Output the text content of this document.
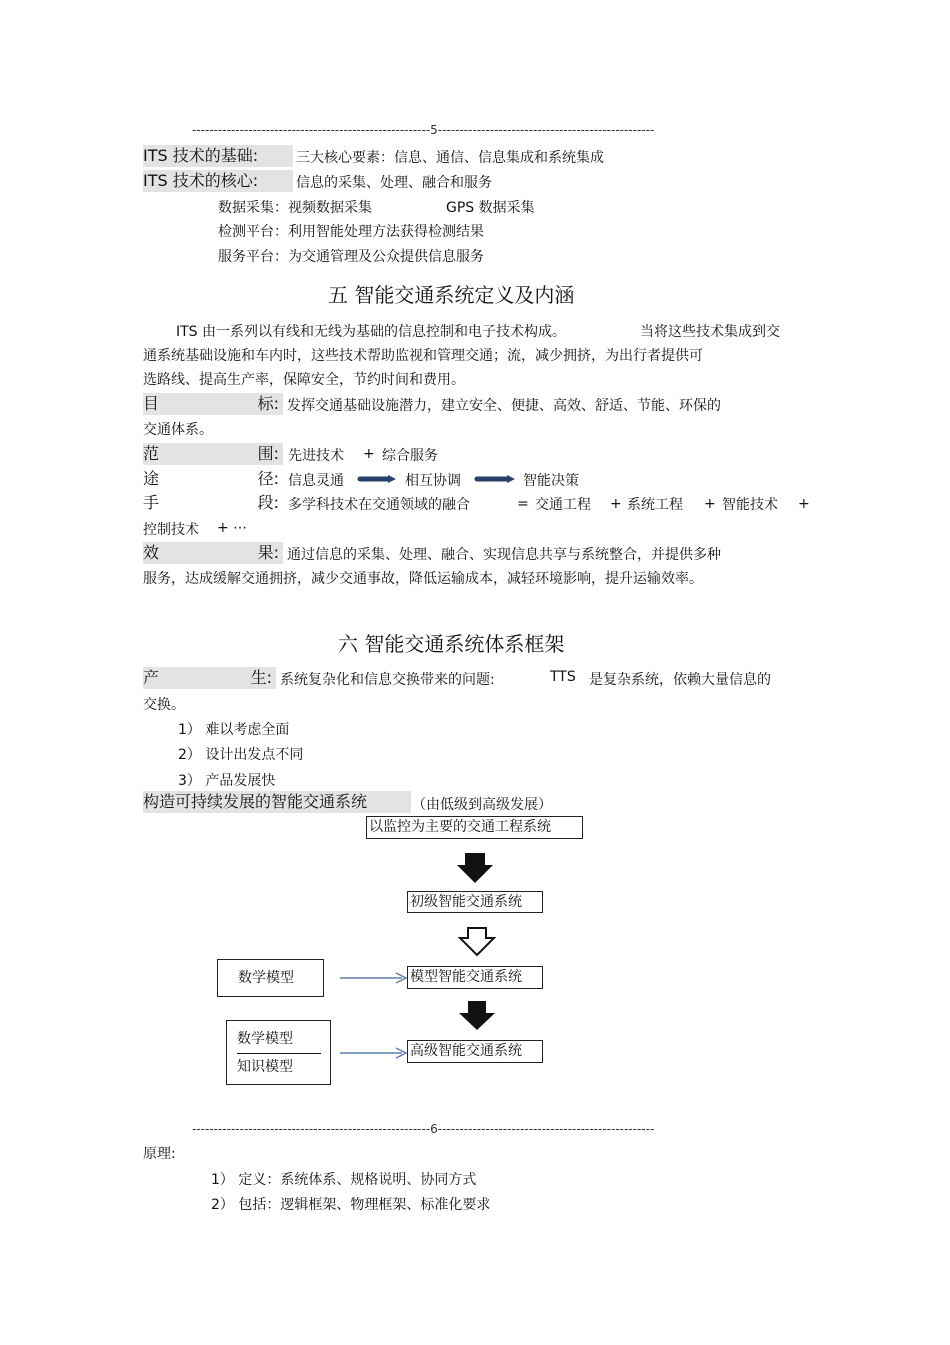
-------------------------------------------------------5--------------------------------------------------
ITS 技术的基础:	三大核心要素：信息、通信、信息集成和系统集成
ITS 技术的核心:	信息的采集、处理、融合和服务
数据采集：视频数据采集	GPS 数据采集
检测平台：利用智能处理方法获得检测结果
服务平台：为交通管理及公众提供信息服务
五 智能交通系统定义及内涵
ITS 由一系列以有线和无线为基础的信息控制和电子技术构成。	当将这些技术集成到交
通系统基础设施和车内时，这些技术帮助监视和管理交通；流，减少拥挤，为出行者提供可
选路线、提高生产率，保障安全，节约时间和费用。
目	标: 发挥交通基础设施潜力，建立安全、便捷、高效、舒适、节能、环保的
交通体系。
范	围: 先进技术 + 综合服务
途	径: 信息灵通	相互协调	智能决策
手	段: 多学科技术在交通领域的融合	= 交通工程 + 系统工程 + 智能技术 +
控制技术 + ⋯
效	果: 通过信息的采集、处理、融合、实现信息共享与系统整合，并提供多种
服务，达成缓解交通拥挤，减少交通事故，降低运输成本，减轻环境影响，提升运输效率。
六 智能交通系统体系框架
产	生: 系统复杂化和信息交换带来的问题:	TTS 是复杂系统，依赖大量信息的
交换。
1） 难以考虑全面
2） 设计出发点不同
3） 产品发展快
构造可持续发展的智能交通系统	（由低级到高级发展）
以监控为主要的交通工程系统
初级智能交通系统
数学模型	模型智能交通系统
数学模型
知识模型
高级智能交通系统
-------------------------------------------------------6--------------------------------------------------
原理:
1） 定义：系统体系、规格说明、协同方式
2） 包括：逻辑框架、物理框架、标准化要求
